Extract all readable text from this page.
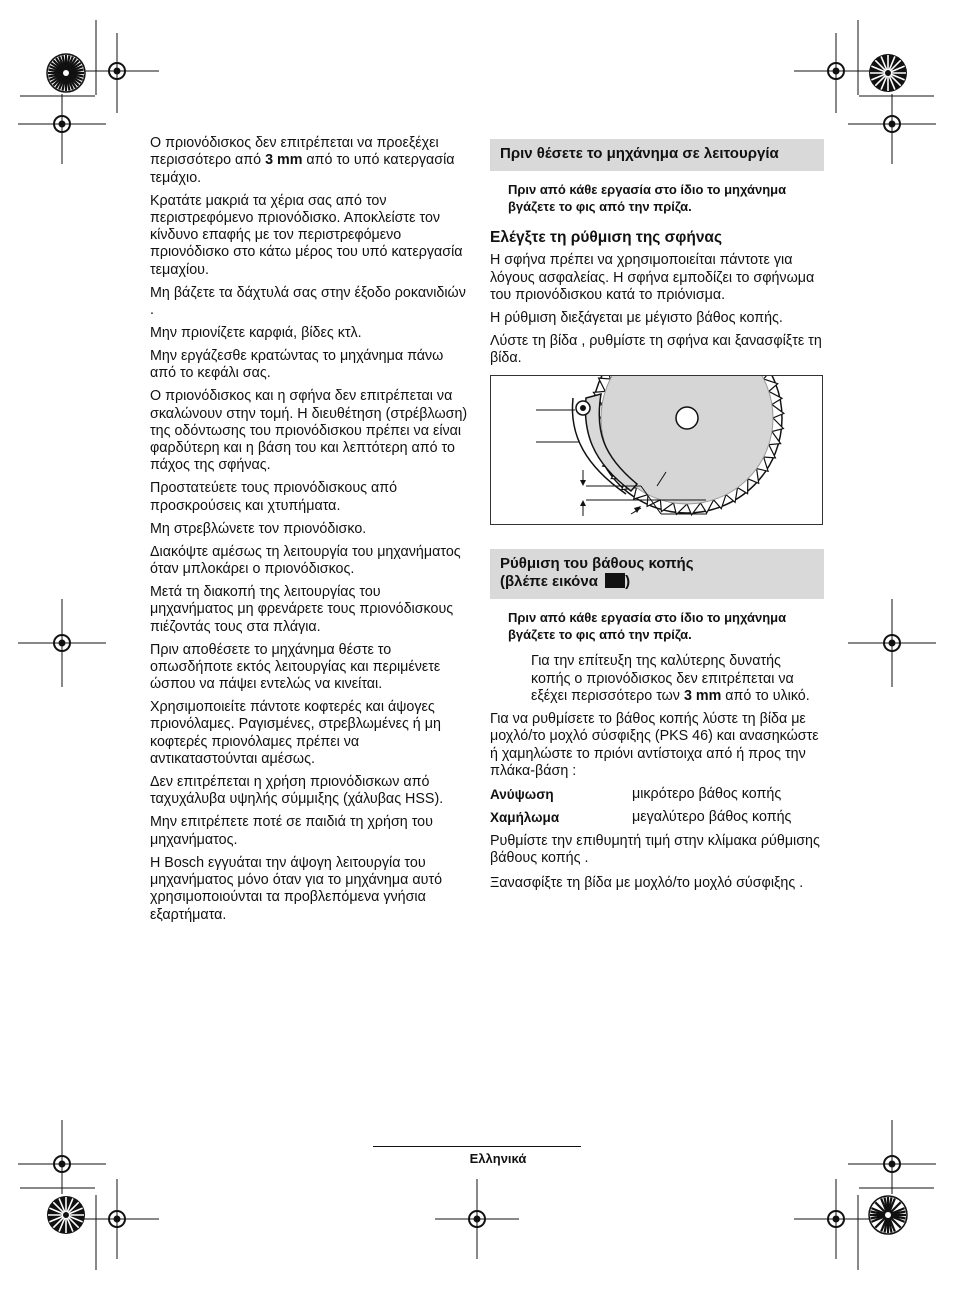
Ο πριονόδισκος δεν επιτρέπεται να προεξέχει περισσότερο από 3 mm από το υπό κατεργασία τεμάχιο.

Κρατάτε μακριά τα χέρια σας από τον περιστρεφόμενο πριονόδισκο. Αποκλείστε τον κίνδυνο επαφής με τον περιστρεφόμενο πριονόδισκο στο κάτω μέρος του υπό κατεργασία τεμαχίου.

Μη βάζετε τα δάχτυλά σας στην έξοδο ροκανιδιών .

Μην πριονίζετε καρφιά, βίδες κτλ.

Μην εργάζεσθε κρατώντας το μηχάνημα πάνω από το κεφάλι σας.

Ο πριονόδισκος και η σφήνα δεν επιτρέπεται να σκαλώνουν στην τομή. Η διευθέτηση (στρέβλωση) της οδόντωσης του πριονόδισκου πρέπει να είναι φαρδύτερη και η βάση του και λεπτότερη από το πάχος της σφήνας.

Προστατεύετε τους πριονόδισκους από προσκρούσεις και χτυπήματα.

Μη στρεβλώνετε τον πριονόδισκο.

Διακόψτε αμέσως τη λειτουργία του μηχανήματος όταν μπλοκάρει ο πριονόδισκος.

Μετά τη διακοπή της λειτουργίας του μηχανήματος μη φρενάρετε τους πριονόδισκους πιέζοντάς τους στα πλάγια.

Πριν αποθέσετε το μηχάνημα θέστε το οπωσδήποτε εκτός λειτουργίας και περιμένετε ώσπου να πάψει εντελώς να κινείται.

Χρησιμοποιείτε πάντοτε κοφτερές και άψογες πριονόλαμες. Ραγισμένες, στρεβλωμένες ή μη κοφτερές πριονόλαμες πρέπει να αντικαταστούνται αμέσως.

Δεν επιτρέπεται η χρήση πριονόδισκων από ταχυχάλυβα υψηλής σύμμιξης (χάλυβας HSS).

Μην επιτρέπετε ποτέ σε παιδιά τη χρήση του μηχανήματος.

Η Bosch εγγυάται την άψογη λειτουργία του μηχανήματος μόνο όταν για το μηχάνημα αυτό χρησιμοποιούνται τα προβλεπόμενα γνήσια εξαρτήματα.

Πριν θέσετε το μηχάνημα σε λειτουργία
Πριν από κάθε εργασία στο ίδιο το μηχάνημα βγάζετε το φις από την πρίζα.
Ελέγξτε τη ρύθμιση της σφήνας

Η σφήνα πρέπει να χρησιμοποιείται πάντοτε για λόγους ασφαλείας. Η σφήνα εμποδίζει το σφήνωμα του πριονόδισκου κατά το πριόνισμα.

Η ρύθμιση διεξάγεται με μέγιστο βάθος κοπής.

Λύστε τη βίδα , ρυθμίστε τη σφήνα και ξανασφίξτε τη βίδα.

Ρύθμιση του βάθους κοπής
(βλέπε εικόνα )
Πριν από κάθε εργασία στο ίδιο το μηχάνημα βγάζετε το φις από την πρίζα.

Για την επίτευξη της καλύτερης δυνατής κοπής ο πριονόδισκος δεν επιτρέπεται να εξέχει περισσότερο των 3 mm από το υλικό.

Για να ρυθμίσετε το βάθος κοπής λύστε τη βίδα με μοχλό/το μοχλό σύσφιξης (PKS 46) και ανασηκώστε ή χαμηλώστε το πριόνι αντίστοιχα από ή προς την πλάκα-βάση :

Ανύψωση	μικρότερο βάθος κοπής
Χαμήλωμα	μεγαλύτερο βάθος κοπής

Ρυθμίστε την επιθυμητή τιμή στην κλίμακα ρύθμισης βάθους κοπής .

Ξανασφίξτε τη βίδα με μοχλό/το μοχλό σύσφιξης .

Ελληνικά
